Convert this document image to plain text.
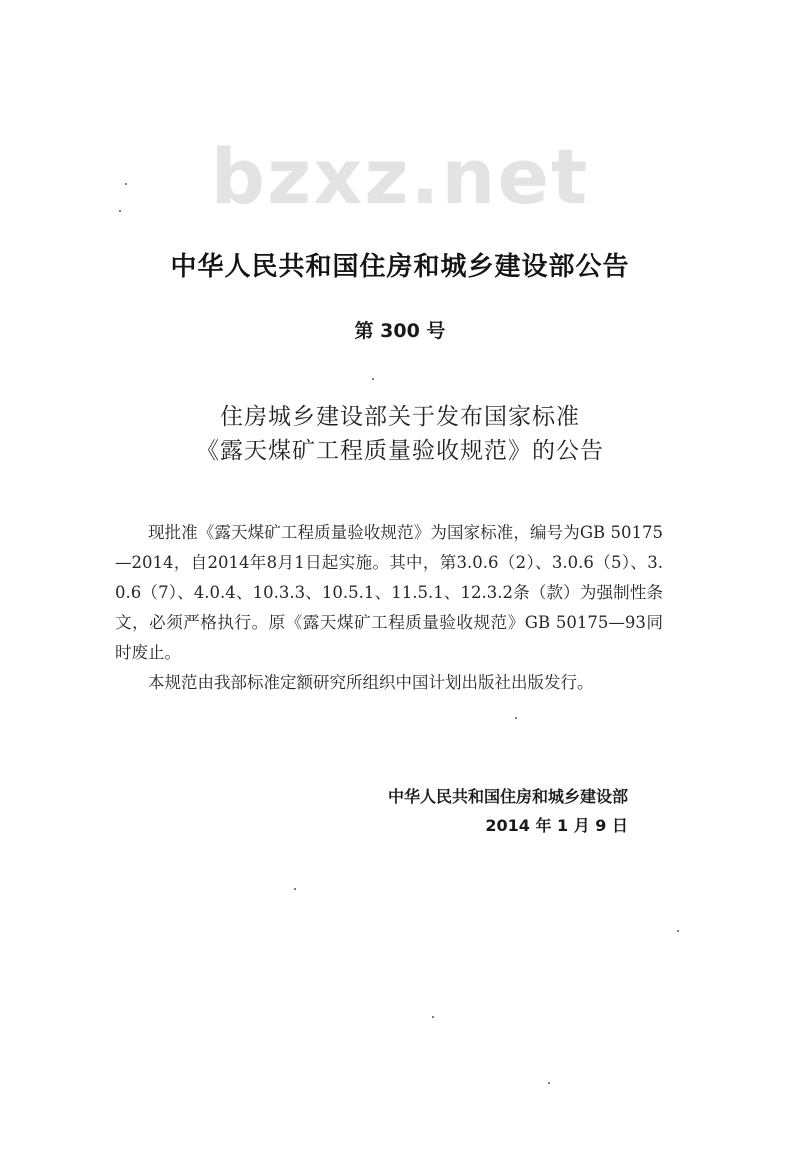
bzxz.net
中华人民共和国住房和城乡建设部公告
第 300 号
住房城乡建设部关于发布国家标准
《露天煤矿工程质量验收规范》的公告

现批准《露天煤矿工程质量验收规范》为国家标准，编号为GB 50175—2014，自2014年8月1日起实施。其中，第3.0.6（2）、3.0.6（5）、3.0.6（7）、4.0.4、10.3.3、10.5.1、11.5.1、12.3.2条（款）为强制性条文，必须严格执行。原《露天煤矿工程质量验收规范》GB 50175—93同时废止。

本规范由我部标准定额研究所组织中国计划出版社出版发行。

中华人民共和国住房和城乡建设部
2014 年 1 月 9 日
